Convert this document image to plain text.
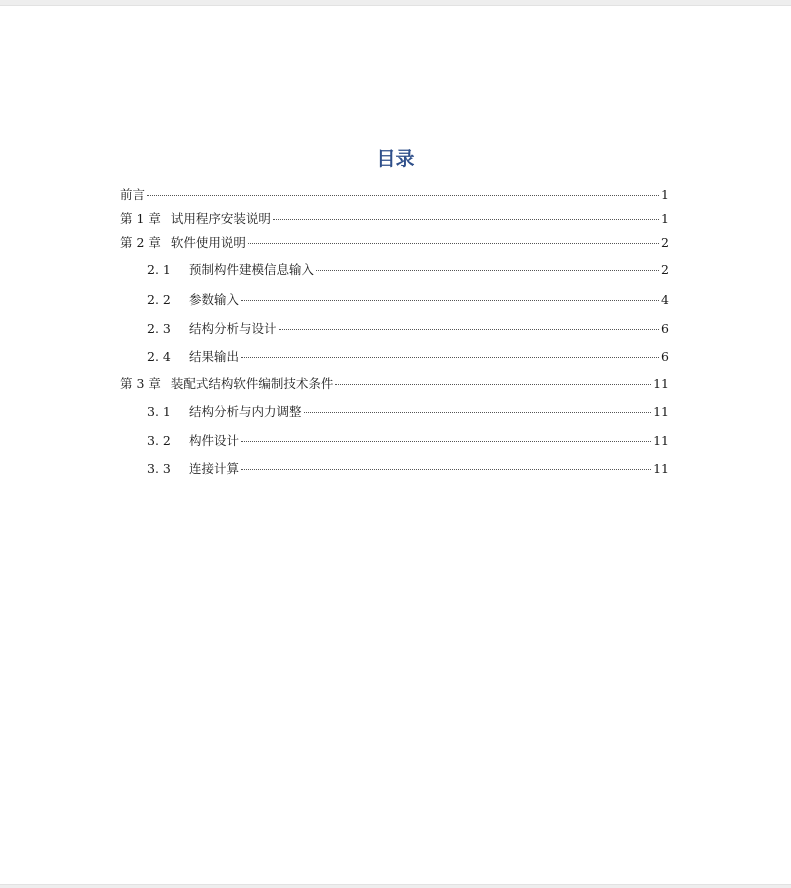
目录
前言	1
第 1 章 试用程序安装说明	1
第 2 章 软件使用说明	2
2. 1	预制构件建模信息输入	2
2. 2	参数输入	4
2. 3	结构分析与设计	6
2. 4	结果输出	6
第 3 章 装配式结构软件编制技术条件	11
3. 1	结构分析与内力调整	11
3. 2	构件设计	11
3. 3	连接计算	11
